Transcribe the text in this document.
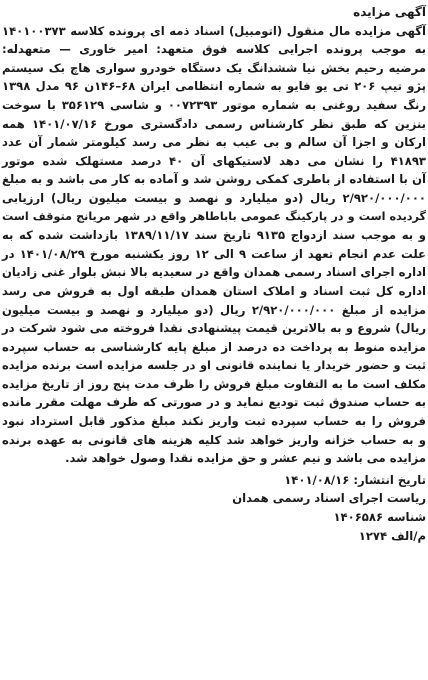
آگهی مزایده

آگهی مزایده مال منقول (اتومبیل) اسناد ذمه ای پرونده کلاسه ۱۴۰۱۰۰۳۷۳

به موجب پرونده اجرایی کلاسه فوق متعهد: امیر خاوری — متعهدله:

مرضیه رحیم بخش نیا ششدانگ یک دستگاه خودرو سواری هاچ بک سیستم

پژو تیپ ۲۰۶ تی یو فایو به شماره انتظامی ایران ۶۸–۱۴۶ن ۹۶ مدل ۱۳۹۸

رنگ سفید روغنی به شماره موتور ۰۰۷۲۳۹۳ و شاسی ۳۵۶۱۲۹ با سوخت

بنزین که طبق نظر کارشناس رسمی دادگستری مورخ ۱۴۰۱/۰۷/۱۶ همه

ارکان و اجزا آن سالم و بی عیب به نظر می رسد کیلومتر شمار آن عدد

۴۱۸۹۳ را نشان می دهد لاستیکهای آن ۴۰ درصد مستهلک شده موتور

آن با استفاده از باطری کمکی روشن شد و آماده به کار می باشد و به مبلغ

۲/۹۲۰/۰۰۰/۰۰۰ ریال (دو میلیارد و نهصد و بیست میلیون ریال) ارزیابی

گردیده است و در پارکینگ عمومی باباطاهر واقع در شهر مریانج متوقف است

و به موجب سند ازدواج ۹۱۳۵ تاریخ سند ۱۳۸۹/۱۱/۱۷ بازداشت شده که به

علت عدم انجام تعهد از ساعت ۹ الی ۱۲ روز یکشنبه مورخ ۱۴۰۱/۰۸/۲۹ در

اداره اجرای اسناد رسمی همدان واقع در سعیدیه بالا نبش بلوار غنی زادیان

اداره کل ثبت اسناد و املاک استان همدان طبقه اول به فروش می رسد

مزایده از مبلغ ۲/۹۲۰/۰۰۰/۰۰۰ ریال (دو میلیارد و نهصد و بیست میلیون

ریال) شروع و به بالاترین قیمت پیشنهادی نقدا فروخته می شود شرکت در

مزایده منوط به پرداخت ده درصد از مبلغ پایه کارشناسی به حساب سپرده

ثبت و حضور خریدار یا نماینده قانونی او در جلسه مزایده است برنده مزایده

مکلف است ما به التفاوت مبلغ فروش را ظرف مدت پنج روز از تاریخ مزایده

به حساب صندوق ثبت تودیع نماید و در صورتی که ظرف مهلت مقرر مانده

فروش را به حساب سپرده ثبت واریز نکند مبلغ مذکور قابل استرداد نبود

و به حساب خزانه واریز خواهد شد کلیه هزینه های قانونی به عهده برنده

مزایده می باشد و نیم عشر و حق مزایده نقدا وصول خواهد شد.

تاریخ انتشار: ۱۴۰۱/۰۸/۱۶

ریاست اجرای اسناد رسمی همدان

شناسه ۱۴۰۶۵۸۶

م/الف ۱۲۷۴
